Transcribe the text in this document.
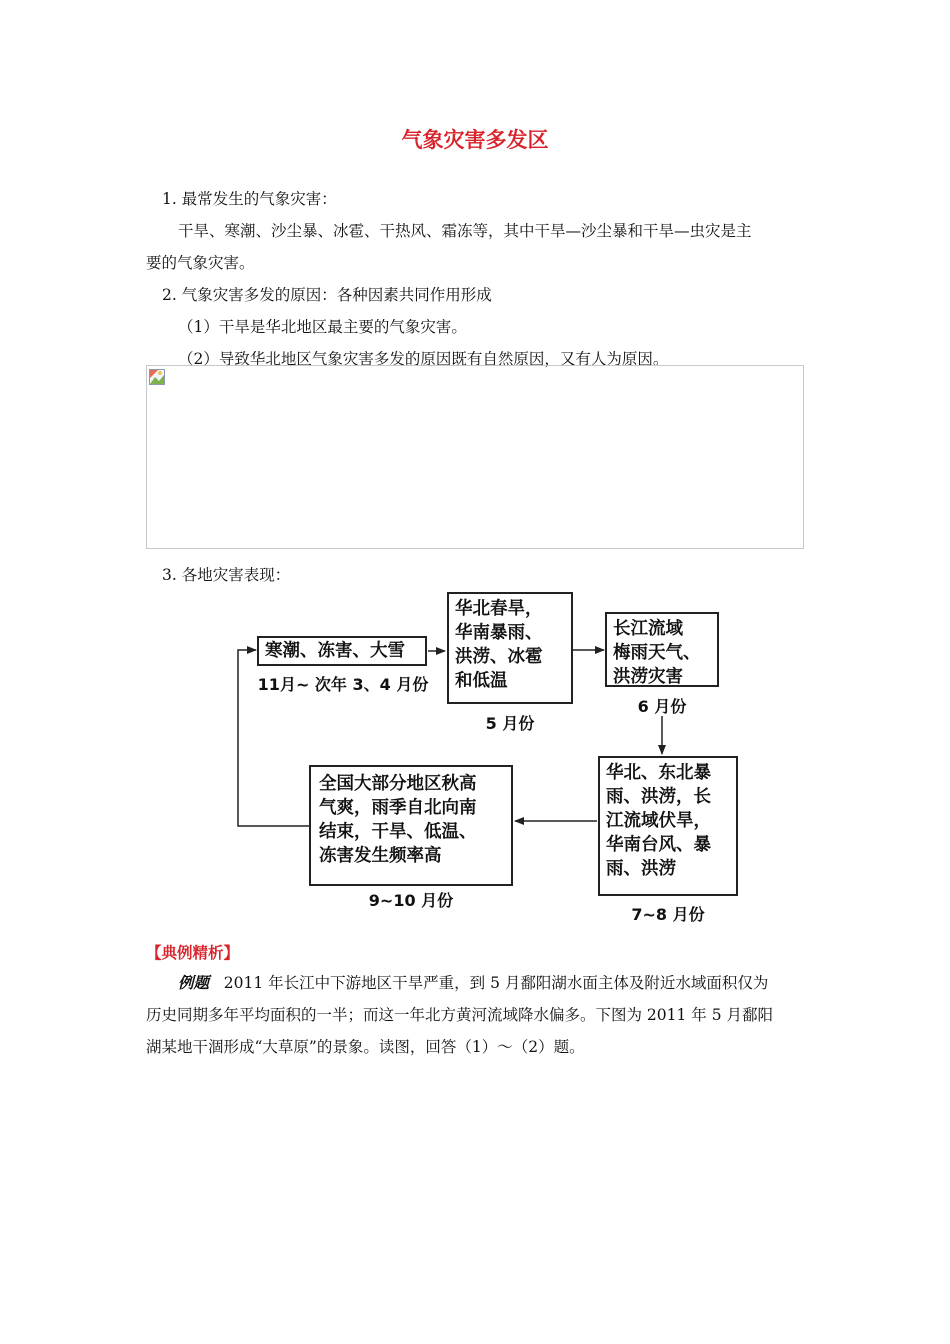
气象灾害多发区
1. 最常发生的气象灾害：
干旱、寒潮、沙尘暴、冰雹、干热风、霜冻等，其中干旱—沙尘暴和干旱—虫灾是主
要的气象灾害。
2. 气象灾害多发的原因：各种因素共同作用形成
（1）干旱是华北地区最主要的气象灾害。
（2）导致华北地区气象灾害多发的原因既有自然原因，又有人为原因。
3. 各地灾害表现：
寒潮、冻害、大雪
11月~ 次年 3、4 月份
华北春旱，
华南暴雨、
洪涝、冰雹
和低温
5 月份
长江流域
梅雨天气、
洪涝灾害
6 月份
华北、东北暴
雨、洪涝，长
江流域伏旱，
华南台风、暴
雨、洪涝
7~8 月份
全国大部分地区秋高
气爽，雨季自北向南
结束，干旱、低温、
冻害发生频率高
9~10 月份
【典例精析】
例题 2011 年长江中下游地区干旱严重，到 5 月鄱阳湖水面主体及附近水域面积仅为
历史同期多年平均面积的一半；而这一年北方黄河流域降水偏多。下图为 2011 年 5 月鄱阳
湖某地干涸形成“大草原”的景象。读图，回答（1）～（2）题。
